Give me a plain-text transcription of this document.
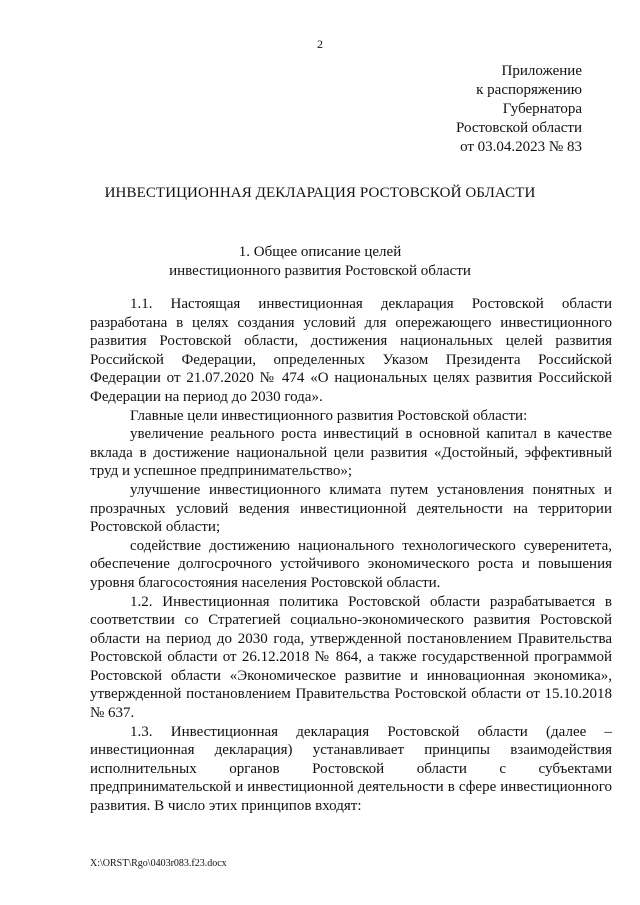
2
Приложение
к распоряжению
Губернатора
Ростовской области
от 03.04.2023 № 83
ИНВЕСТИЦИОННАЯ ДЕКЛАРАЦИЯ РОСТОВСКОЙ ОБЛАСТИ
1. Общее описание целей
инвестиционного развития Ростовской области

1.1. Настоящая инвестиционная декларация Ростовской области разработана в целях создания условий для опережающего инвестиционного развития Ростовской области, достижения национальных целей развития Российской Федерации, определенных Указом Президента Российской Федерации от 21.07.2020 № 474 «О национальных целях развития Российской Федерации на период до 2030 года».

Главные цели инвестиционного развития Ростовской области:

увеличение реального роста инвестиций в основной капитал в качестве вклада в достижение национальной цели развития «Достойный, эффективный труд и успешное предпринимательство»;

улучшение инвестиционного климата путем установления понятных и прозрачных условий ведения инвестиционной деятельности на территории Ростовской области;

содействие достижению национального технологического суверенитета, обеспечение долгосрочного устойчивого экономического роста и повышения уровня благосостояния населения Ростовской области.

1.2. Инвестиционная политика Ростовской области разрабатывается в соответствии со Стратегией социально-экономического развития Ростовской области на период до 2030 года, утвержденной постановлением Правительства Ростовской области от 26.12.2018 № 864, а также государственной программой Ростовской области «Экономическое развитие и инновационная экономика», утвержденной постановлением Правительства Ростовской области от 15.10.2018 № 637.

1.3. Инвестиционная декларация Ростовской области (далее – инвестиционная декларация) устанавливает принципы взаимодействия исполнительных органов Ростовской области с субъектами предпринимательской и инвестиционной деятельности в сфере инвестиционного развития. В число этих принципов входят:

X:\ORST\Rgo\0403r083.f23.docx
